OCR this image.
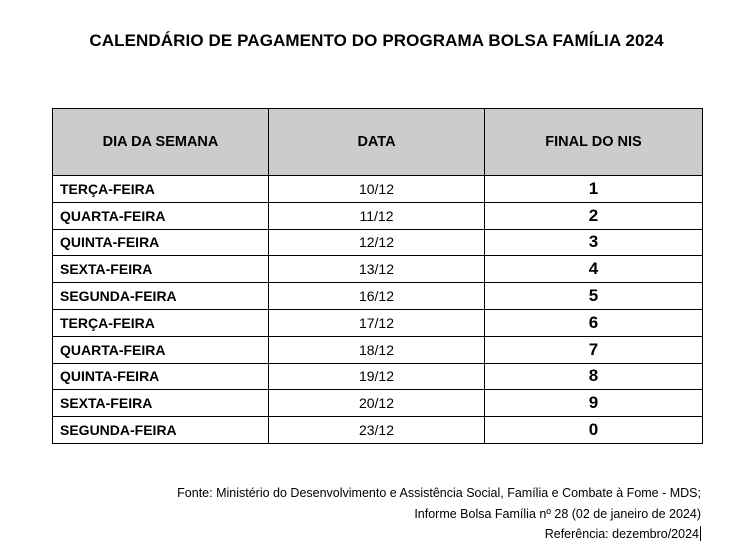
CALENDÁRIO DE PAGAMENTO DO PROGRAMA BOLSA FAMÍLIA 2024
DIA DA SEMANA	DATA	FINAL DO NIS
TERÇA-FEIRA	10/12	1
QUARTA-FEIRA	11/12	2
QUINTA-FEIRA	12/12	3
SEXTA-FEIRA	13/12	4
SEGUNDA-FEIRA	16/12	5
TERÇA-FEIRA	17/12	6
QUARTA-FEIRA	18/12	7
QUINTA-FEIRA	19/12	8
SEXTA-FEIRA	20/12	9
SEGUNDA-FEIRA	23/12	0
Fonte: Ministério do Desenvolvimento e Assistência Social, Família e Combate à Fome - MDS;
Informe Bolsa Família nº 28 (02 de janeiro de 2024)
Referência: dezembro/2024
